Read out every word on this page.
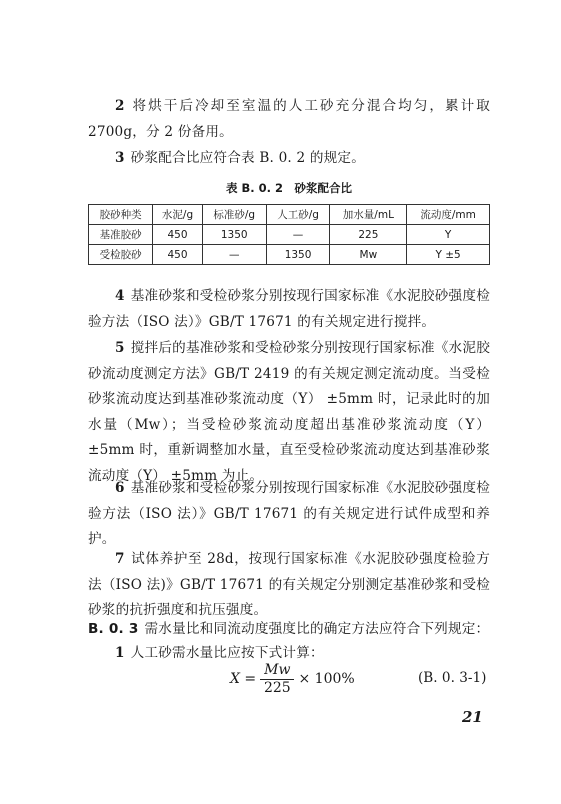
2 将烘干后冷却至室温的人工砂充分混合均匀，累计取2700g，分 2 份备用。
3 砂浆配合比应符合表 B. 0. 2 的规定。
表 B. 0. 2　砂浆配合比
胶砂种类	水泥/g	标准砂/g	人工砂/g	加水量/mL	流动度/mm
基准胶砂	450	1350	—	225	Y
受检胶砂	450	—	1350	Mw	Y ±5
4 基准砂浆和受检砂浆分别按现行国家标准《水泥胶砂强度检验方法（ISO 法）》GB/T 17671 的有关规定进行搅拌。
5 搅拌后的基准砂浆和受检砂浆分别按现行国家标准《水泥胶砂流动度测定方法》GB/T 2419 的有关规定测定流动度。当受检砂浆流动度达到基准砂浆流动度（Y） ±5mm 时，记录此时的加水量（Mw）；当受检砂浆流动度超出基准砂浆流动度（Y） ±5mm 时，重新调整加水量，直至受检砂浆流动度达到基准砂浆流动度（Y） ±5mm 为止。
6 基准砂浆和受检砂浆分别按现行国家标准《水泥胶砂强度检验方法（ISO 法）》GB/T 17671 的有关规定进行试件成型和养护。
7 试体养护至 28d，按现行国家标准《水泥胶砂强度检验方法（ISO 法)》GB/T 17671 的有关规定分别测定基准砂浆和受检砂浆的抗折强度和抗压强度。
B. 0. 3 需水量比和同流动度强度比的确定方法应符合下列规定：
1 人工砂需水量比应按下式计算：
$X = \frac{Mw}{225} \times 100\%$	(B. 0. 3-1)
21
